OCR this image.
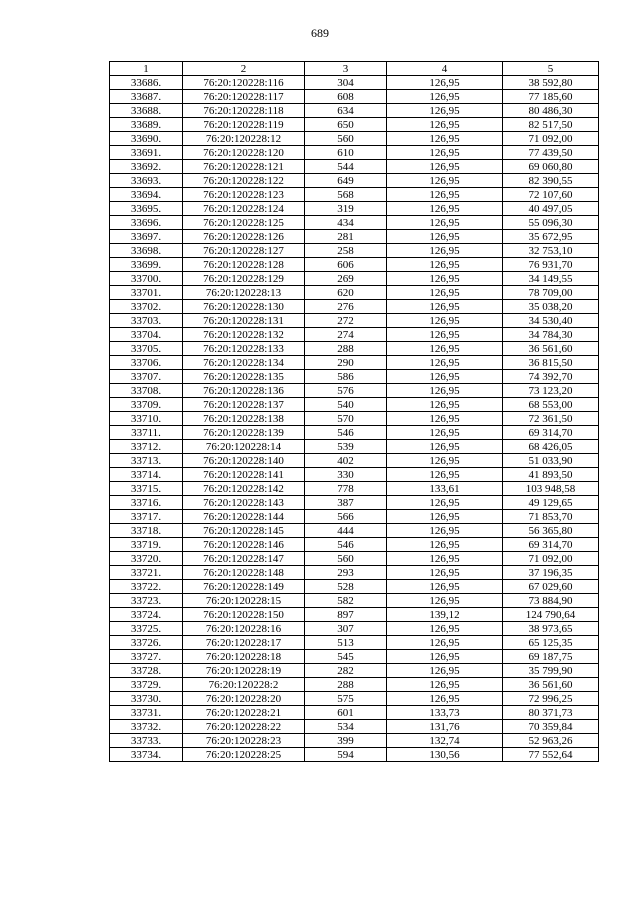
689
1	2	3	4	5
33686.	76:20:120228:116	304	126,95	38 592,80
33687.	76:20:120228:117	608	126,95	77 185,60
33688.	76:20:120228:118	634	126,95	80 486,30
33689.	76:20:120228:119	650	126,95	82 517,50
33690.	76:20:120228:12	560	126,95	71 092,00
33691.	76:20:120228:120	610	126,95	77 439,50
33692.	76:20:120228:121	544	126,95	69 060,80
33693.	76:20:120228:122	649	126,95	82 390,55
33694.	76:20:120228:123	568	126,95	72 107,60
33695.	76:20:120228:124	319	126,95	40 497,05
33696.	76:20:120228:125	434	126,95	55 096,30
33697.	76:20:120228:126	281	126,95	35 672,95
33698.	76:20:120228:127	258	126,95	32 753,10
33699.	76:20:120228:128	606	126,95	76 931,70
33700.	76:20:120228:129	269	126,95	34 149,55
33701.	76:20:120228:13	620	126,95	78 709,00
33702.	76:20:120228:130	276	126,95	35 038,20
33703.	76:20:120228:131	272	126,95	34 530,40
33704.	76:20:120228:132	274	126,95	34 784,30
33705.	76:20:120228:133	288	126,95	36 561,60
33706.	76:20:120228:134	290	126,95	36 815,50
33707.	76:20:120228:135	586	126,95	74 392,70
33708.	76:20:120228:136	576	126,95	73 123,20
33709.	76:20:120228:137	540	126,95	68 553,00
33710.	76:20:120228:138	570	126,95	72 361,50
33711.	76:20:120228:139	546	126,95	69 314,70
33712.	76:20:120228:14	539	126,95	68 426,05
33713.	76:20:120228:140	402	126,95	51 033,90
33714.	76:20:120228:141	330	126,95	41 893,50
33715.	76:20:120228:142	778	133,61	103 948,58
33716.	76:20:120228:143	387	126,95	49 129,65
33717.	76:20:120228:144	566	126,95	71 853,70
33718.	76:20:120228:145	444	126,95	56 365,80
33719.	76:20:120228:146	546	126,95	69 314,70
33720.	76:20:120228:147	560	126,95	71 092,00
33721.	76:20:120228:148	293	126,95	37 196,35
33722.	76:20:120228:149	528	126,95	67 029,60
33723.	76:20:120228:15	582	126,95	73 884,90
33724.	76:20:120228:150	897	139,12	124 790,64
33725.	76:20:120228:16	307	126,95	38 973,65
33726.	76:20:120228:17	513	126,95	65 125,35
33727.	76:20:120228:18	545	126,95	69 187,75
33728.	76:20:120228:19	282	126,95	35 799,90
33729.	76:20:120228:2	288	126,95	36 561,60
33730.	76:20:120228:20	575	126,95	72 996,25
33731.	76:20:120228:21	601	133,73	80 371,73
33732.	76:20:120228:22	534	131,76	70 359,84
33733.	76:20:120228:23	399	132,74	52 963,26
33734.	76:20:120228:25	594	130,56	77 552,64
